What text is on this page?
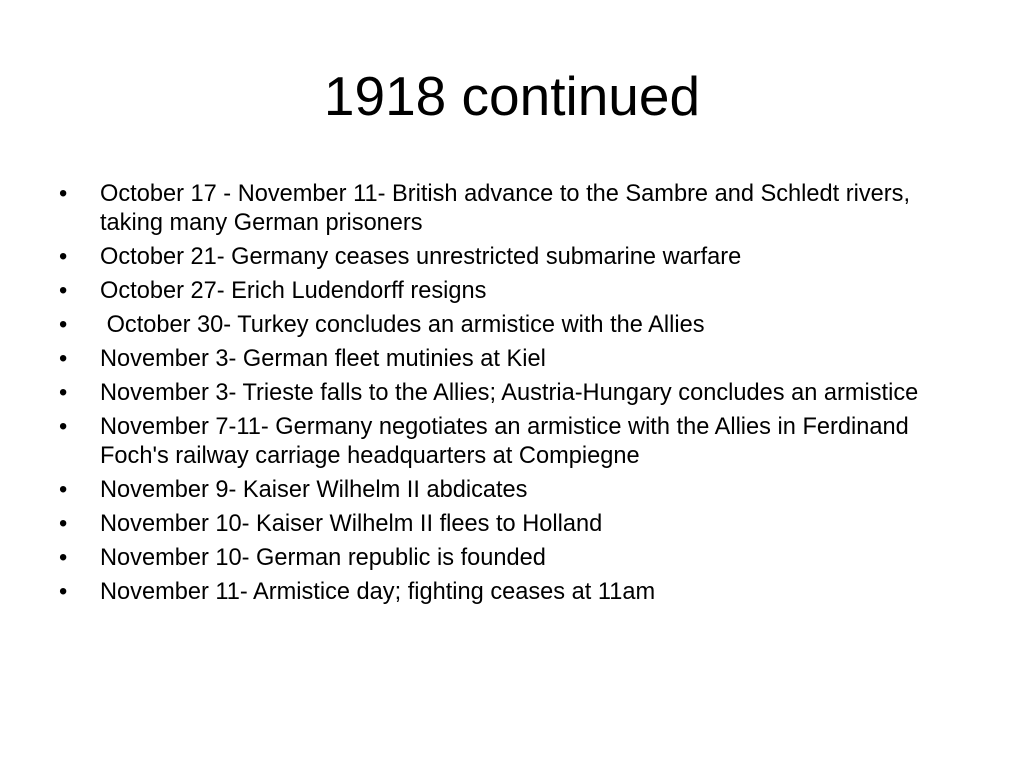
1918 continued
•	October 17 - November 11- British advance to the Sambre and Schledt rivers, taking many German prisoners
•	October 21- Germany ceases unrestricted submarine warfare
•	October 27- Erich Ludendorff resigns
•	October 30- Turkey concludes an armistice with the Allies
•	November 3- German fleet mutinies at Kiel
•	November 3- Trieste falls to the Allies; Austria-Hungary concludes an armistice
•	November 7-11- Germany negotiates an armistice with the Allies in Ferdinand Foch's railway carriage headquarters at Compiegne
•	November 9- Kaiser Wilhelm II abdicates
•	November 10- Kaiser Wilhelm II flees to Holland
•	November 10- German republic is founded
•	November 11- Armistice day; fighting ceases at 11am
